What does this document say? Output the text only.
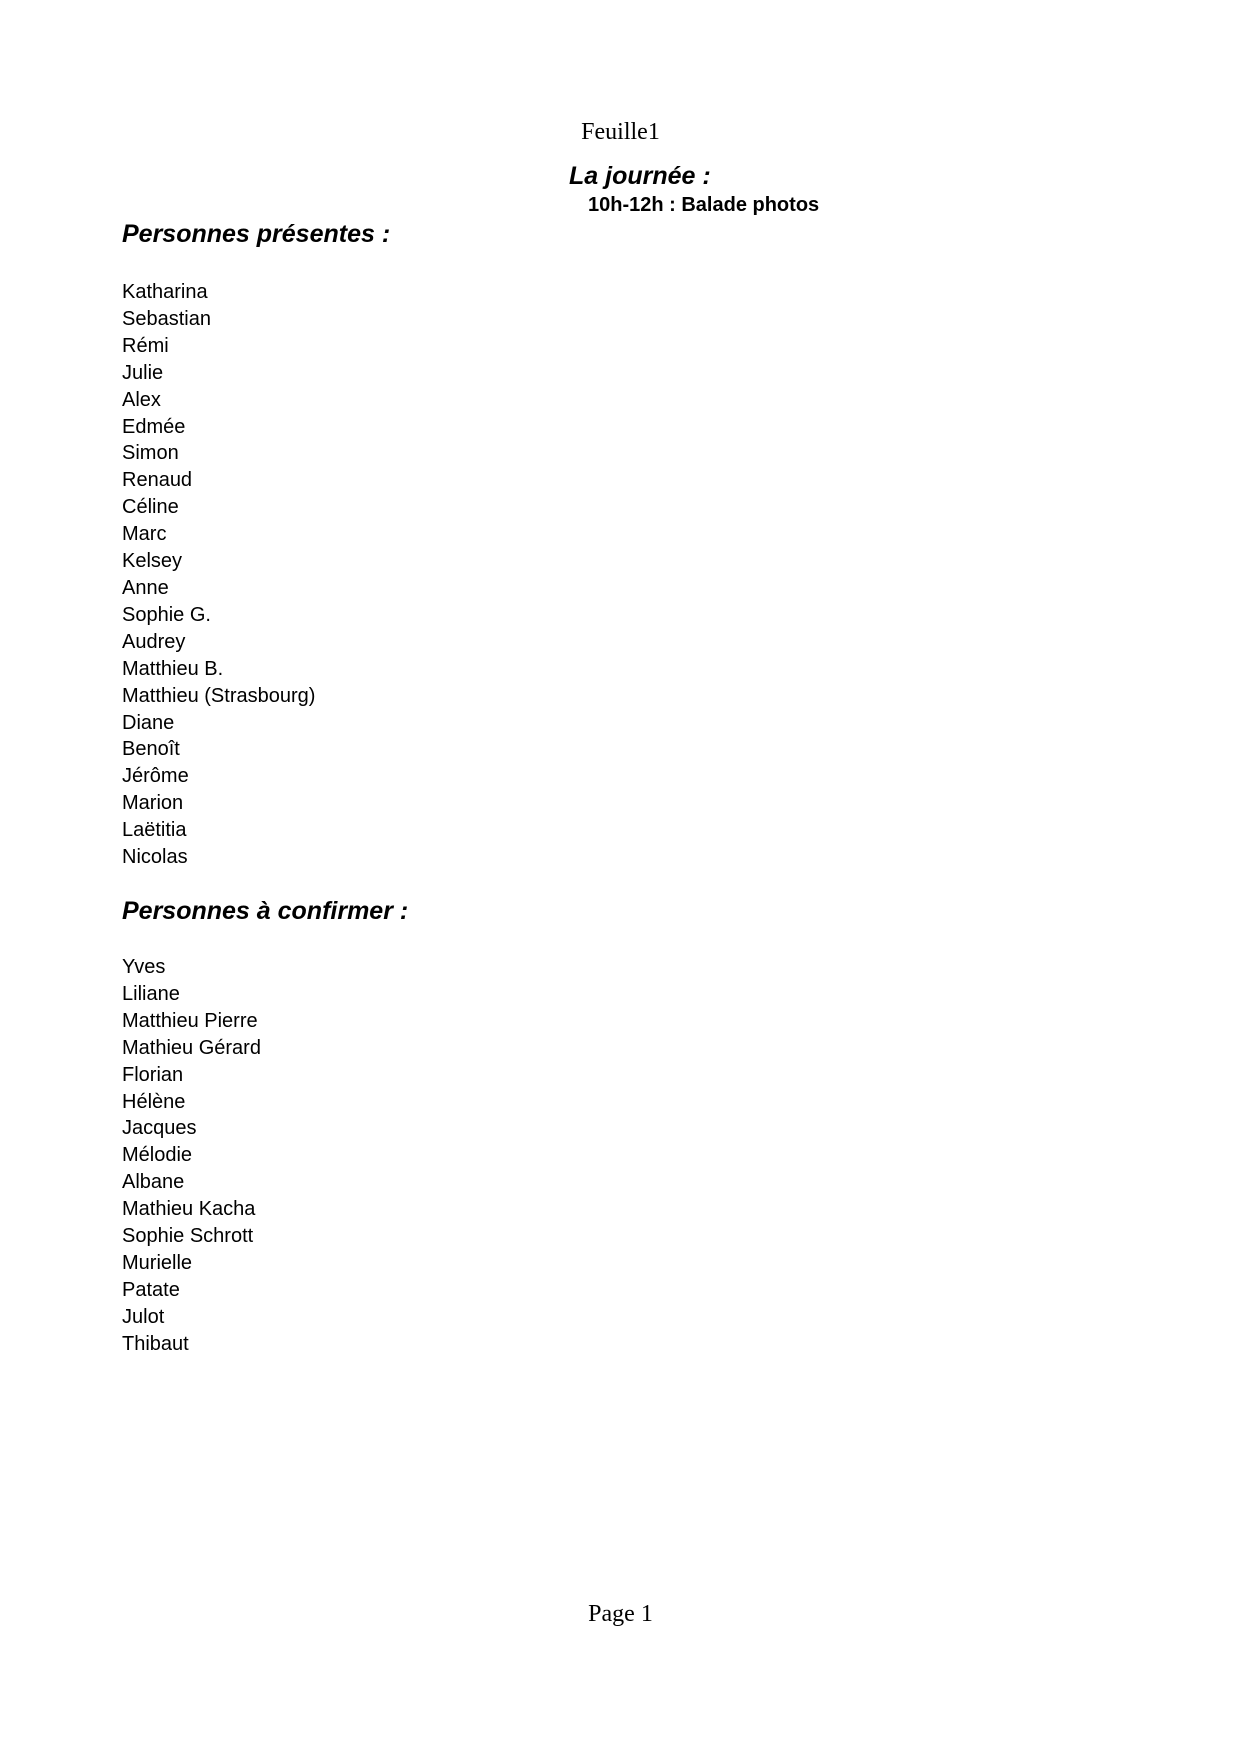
Feuille1
La journée :
10h-12h : Balade photos
Personnes présentes :
Katharina
Sebastian
Rémi
Julie
Alex
Edmée
Simon
Renaud
Céline
Marc
Kelsey
Anne
Sophie G.
Audrey
Matthieu B.
Matthieu (Strasbourg)
Diane
Benoît
Jérôme
Marion
Laëtitia
Nicolas
Personnes à confirmer :
Yves
Liliane
Matthieu Pierre
Mathieu Gérard
Florian
Hélène
Jacques
Mélodie
Albane
Mathieu Kacha
Sophie Schrott
Murielle
Patate
Julot
Thibaut
Page 1
